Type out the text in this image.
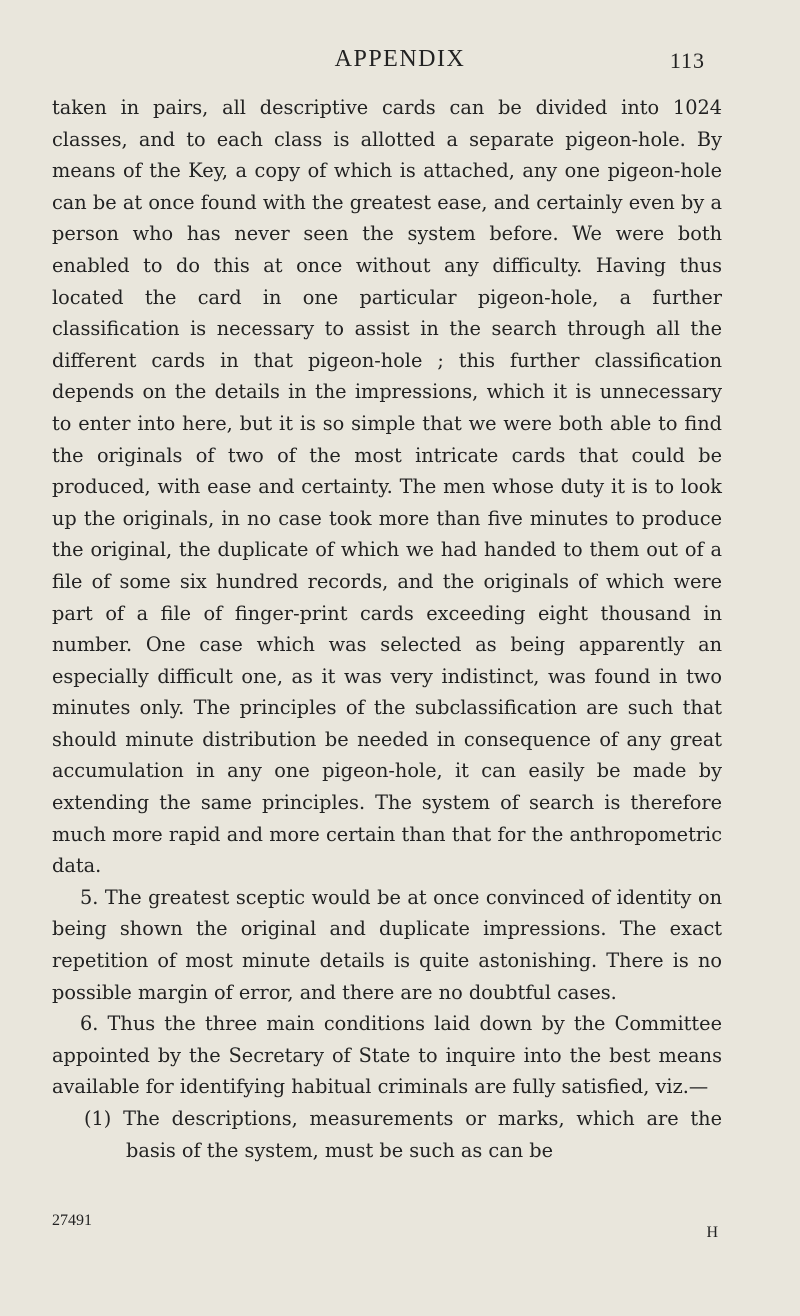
APPENDIX	113

taken in pairs, all descriptive cards can be divided into 1024 classes, and to each class is allotted a separate pigeon-hole. By means of the Key, a copy of which is attached, any one pigeon-hole can be at once found with the greatest ease, and certainly even by a person who has never seen the system before. We were both enabled to do this at once without any difficulty. Having thus located the card in one particular pigeon-hole, a further classification is necessary to assist in the search through all the different cards in that pigeon-hole ; this further classification depends on the details in the impressions, which it is unnecessary to enter into here, but it is so simple that we were both able to find the originals of two of the most intricate cards that could be produced, with ease and certainty. The men whose duty it is to look up the originals, in no case took more than five minutes to produce the original, the duplicate of which we had handed to them out of a file of some six hundred records, and the originals of which were part of a file of finger-print cards exceeding eight thousand in number. One case which was selected as being apparently an especially difficult one, as it was very indistinct, was found in two minutes only. The principles of the subclassification are such that should minute distribution be needed in consequence of any great accumulation in any one pigeon-hole, it can easily be made by extending the same principles. The system of search is therefore much more rapid and more certain than that for the anthropometric data.

5. The greatest sceptic would be at once convinced of identity on being shown the original and duplicate impressions. The exact repetition of most minute details is quite astonishing. There is no possible margin of error, and there are no doubtful cases.

6. Thus the three main conditions laid down by the Committee appointed by the Secretary of State to inquire into the best means available for identifying habitual criminals are fully satisfied, viz.—

(1) The descriptions, measurements or marks, which are the basis of the system, must be such as can be

27491
H
